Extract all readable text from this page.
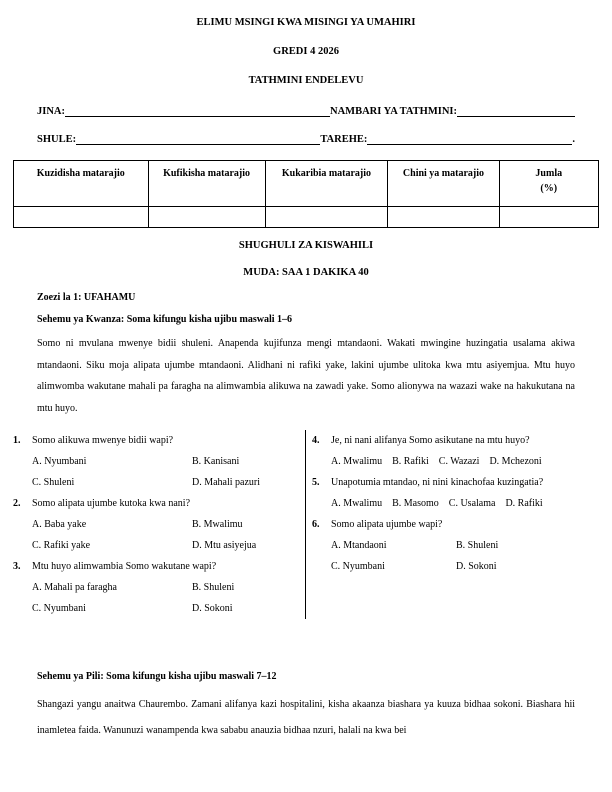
ELIMU MSINGI KWA MISINGI YA UMAHIRI
GREDI 4 2026
TATHMINI ENDELEVU
JINA:	NAMBARI YA TATHMINI:
SHULE:	TAREHE:	.
Kuzidisha matarajio	Kufikisha matarajio	Kukaribia matarajio	Chini ya matarajio	Jumla
(%)

SHUGHULI ZA KISWAHILI
MUDA: SAA 1 DAKIKA 40
Zoezi la 1: UFAHAMU
Sehemu ya Kwanza: Soma kifungu kisha ujibu maswali 1–6
Somo ni mvulana mwenye bidii shuleni. Anapenda kujifunza mengi mtandaoni. Wakati mwingine huzingatia usalama akiwa mtandaoni. Siku moja alipata ujumbe mtandaoni. Alidhani ni rafiki yake, lakini ujumbe ulitoka kwa mtu asiyemjua. Mtu huyo alimwomba wakutane mahali pa faragha na alimwambia alikuwa na zawadi yake. Somo alionywa na wazazi wake na hakukutana na mtu huyo.
1.	Somo alikuwa mwenye bidii wapi?
A. Nyumbani	B. Kanisani
C. Shuleni	D. Mahali pazuri
2.	Somo alipata ujumbe kutoka kwa nani?
A. Baba yake	B. Mwalimu
C. Rafiki yake	D. Mtu asiyejua
3.	Mtu huyo alimwambia Somo wakutane wapi?
A. Mahali pa faragha	B. Shuleni
C. Nyumbani	D. Sokoni
4.	Je, ni nani alifanya Somo asikutane na mtu huyo?
A. Mwalimu B. Rafiki C. Wazazi D. Mchezoni
5.	Unapotumia mtandao, ni nini kinachofaa kuzingatia?
A. Mwalimu B. Masomo C. Usalama D. Rafiki
6.	Somo alipata ujumbe wapi?
A. Mtandaoni	B. Shuleni
C. Nyumbani	D. Sokoni
Sehemu ya Pili: Soma kifungu kisha ujibu maswali 7–12
Shangazi yangu anaitwa Chaurembo. Zamani alifanya kazi hospitalini, kisha akaanza biashara ya kuuza bidhaa sokoni. Biashara hii inamletea faida. Wanunuzi wanampenda kwa sababu anauzia bidhaa nzuri, halali na kwa bei
